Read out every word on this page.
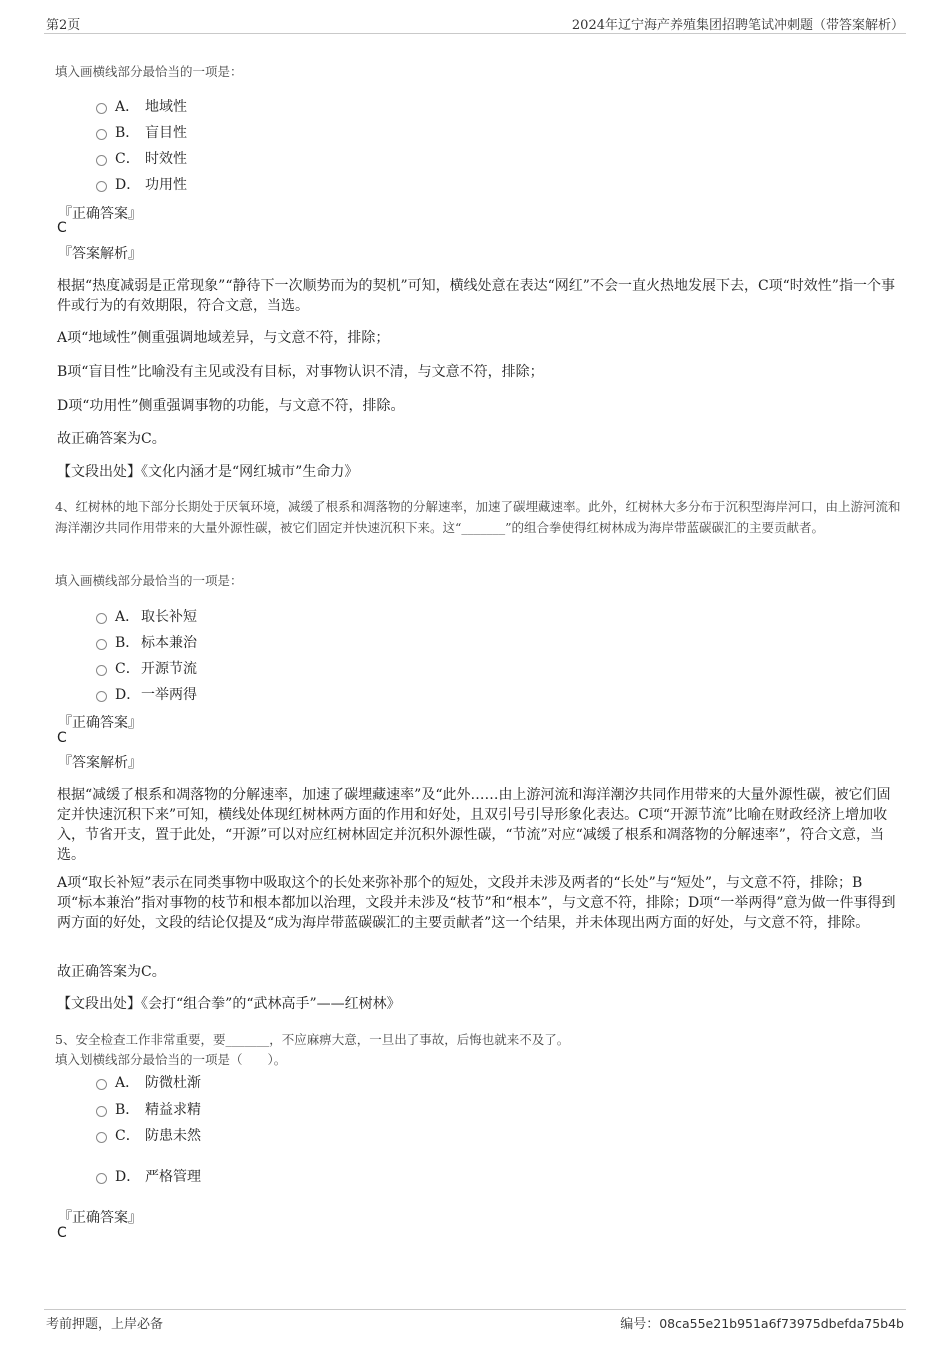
第2页	2024年辽宁海产养殖集团招聘笔试冲刺题（带答案解析）
填入画横线部分最恰当的一项是：
A． 地域性
B． 盲目性
C． 时效性
D． 功用性
『正确答案』
C
『答案解析』
根据“热度减弱是正常现象”“静待下一次顺势而为的契机”可知，横线处意在表达“网红”不会一直火热地发展下去，C项“时效性”指一个事件或行为的有效期限，符合文意，当选。
A项“地域性”侧重强调地域差异，与文意不符，排除；
B项“盲目性”比喻没有主见或没有目标，对事物认识不清，与文意不符，排除；
D项“功用性”侧重强调事物的功能，与文意不符，排除。
故正确答案为C。
【文段出处】《文化内涵才是“网红城市”生命力》
4、红树林的地下部分长期处于厌氧环境，减缓了根系和凋落物的分解速率，加速了碳埋藏速率。此外，红树林大多分布于沉积型海岸河口，由上游河流和海洋潮汐共同作用带来的大量外源性碳，被它们固定并快速沉积下来。这“_______”的组合拳使得红树林成为海岸带蓝碳碳汇的主要贡献者。
填入画横线部分最恰当的一项是：
A． 取长补短
B． 标本兼治
C． 开源节流
D． 一举两得
『正确答案』
C
『答案解析』
根据“减缓了根系和凋落物的分解速率，加速了碳埋藏速率”及“此外……由上游河流和海洋潮汐共同作用带来的大量外源性碳，被它们固定并快速沉积下来”可知，横线处体现红树林两方面的作用和好处，且双引号引导形象化表达。C项“开源节流”比喻在财政经济上增加收入，节省开支，置于此处，“开源”可以对应红树林固定并沉积外源性碳，“节流”对应“减缓了根系和凋落物的分解速率”，符合文意，当选。
A项“取长补短”表示在同类事物中吸取这个的长处来弥补那个的短处，文段并未涉及两者的“长处”与“短处”，与文意不符，排除；B项“标本兼治”指对事物的枝节和根本都加以治理，文段并未涉及“枝节”和“根本”，与文意不符，排除；D项“一举两得”意为做一件事得到两方面的好处，文段的结论仅提及“成为海岸带蓝碳碳汇的主要贡献者”这一个结果，并未体现出两方面的好处，与文意不符，排除。
故正确答案为C。
【文段出处】《会打“组合拳”的“武林高手”——红树林》
5、安全检查工作非常重要，要_______，不应麻痹大意，一旦出了事故，后悔也就来不及了。
填入划横线部分最恰当的一项是（　　）。
A． 防微杜渐
B． 精益求精
C． 防患未然
D． 严格管理
『正确答案』
C
考前押题，上岸必备	编号：08ca55e21b951a6f73975dbefda75b4b
